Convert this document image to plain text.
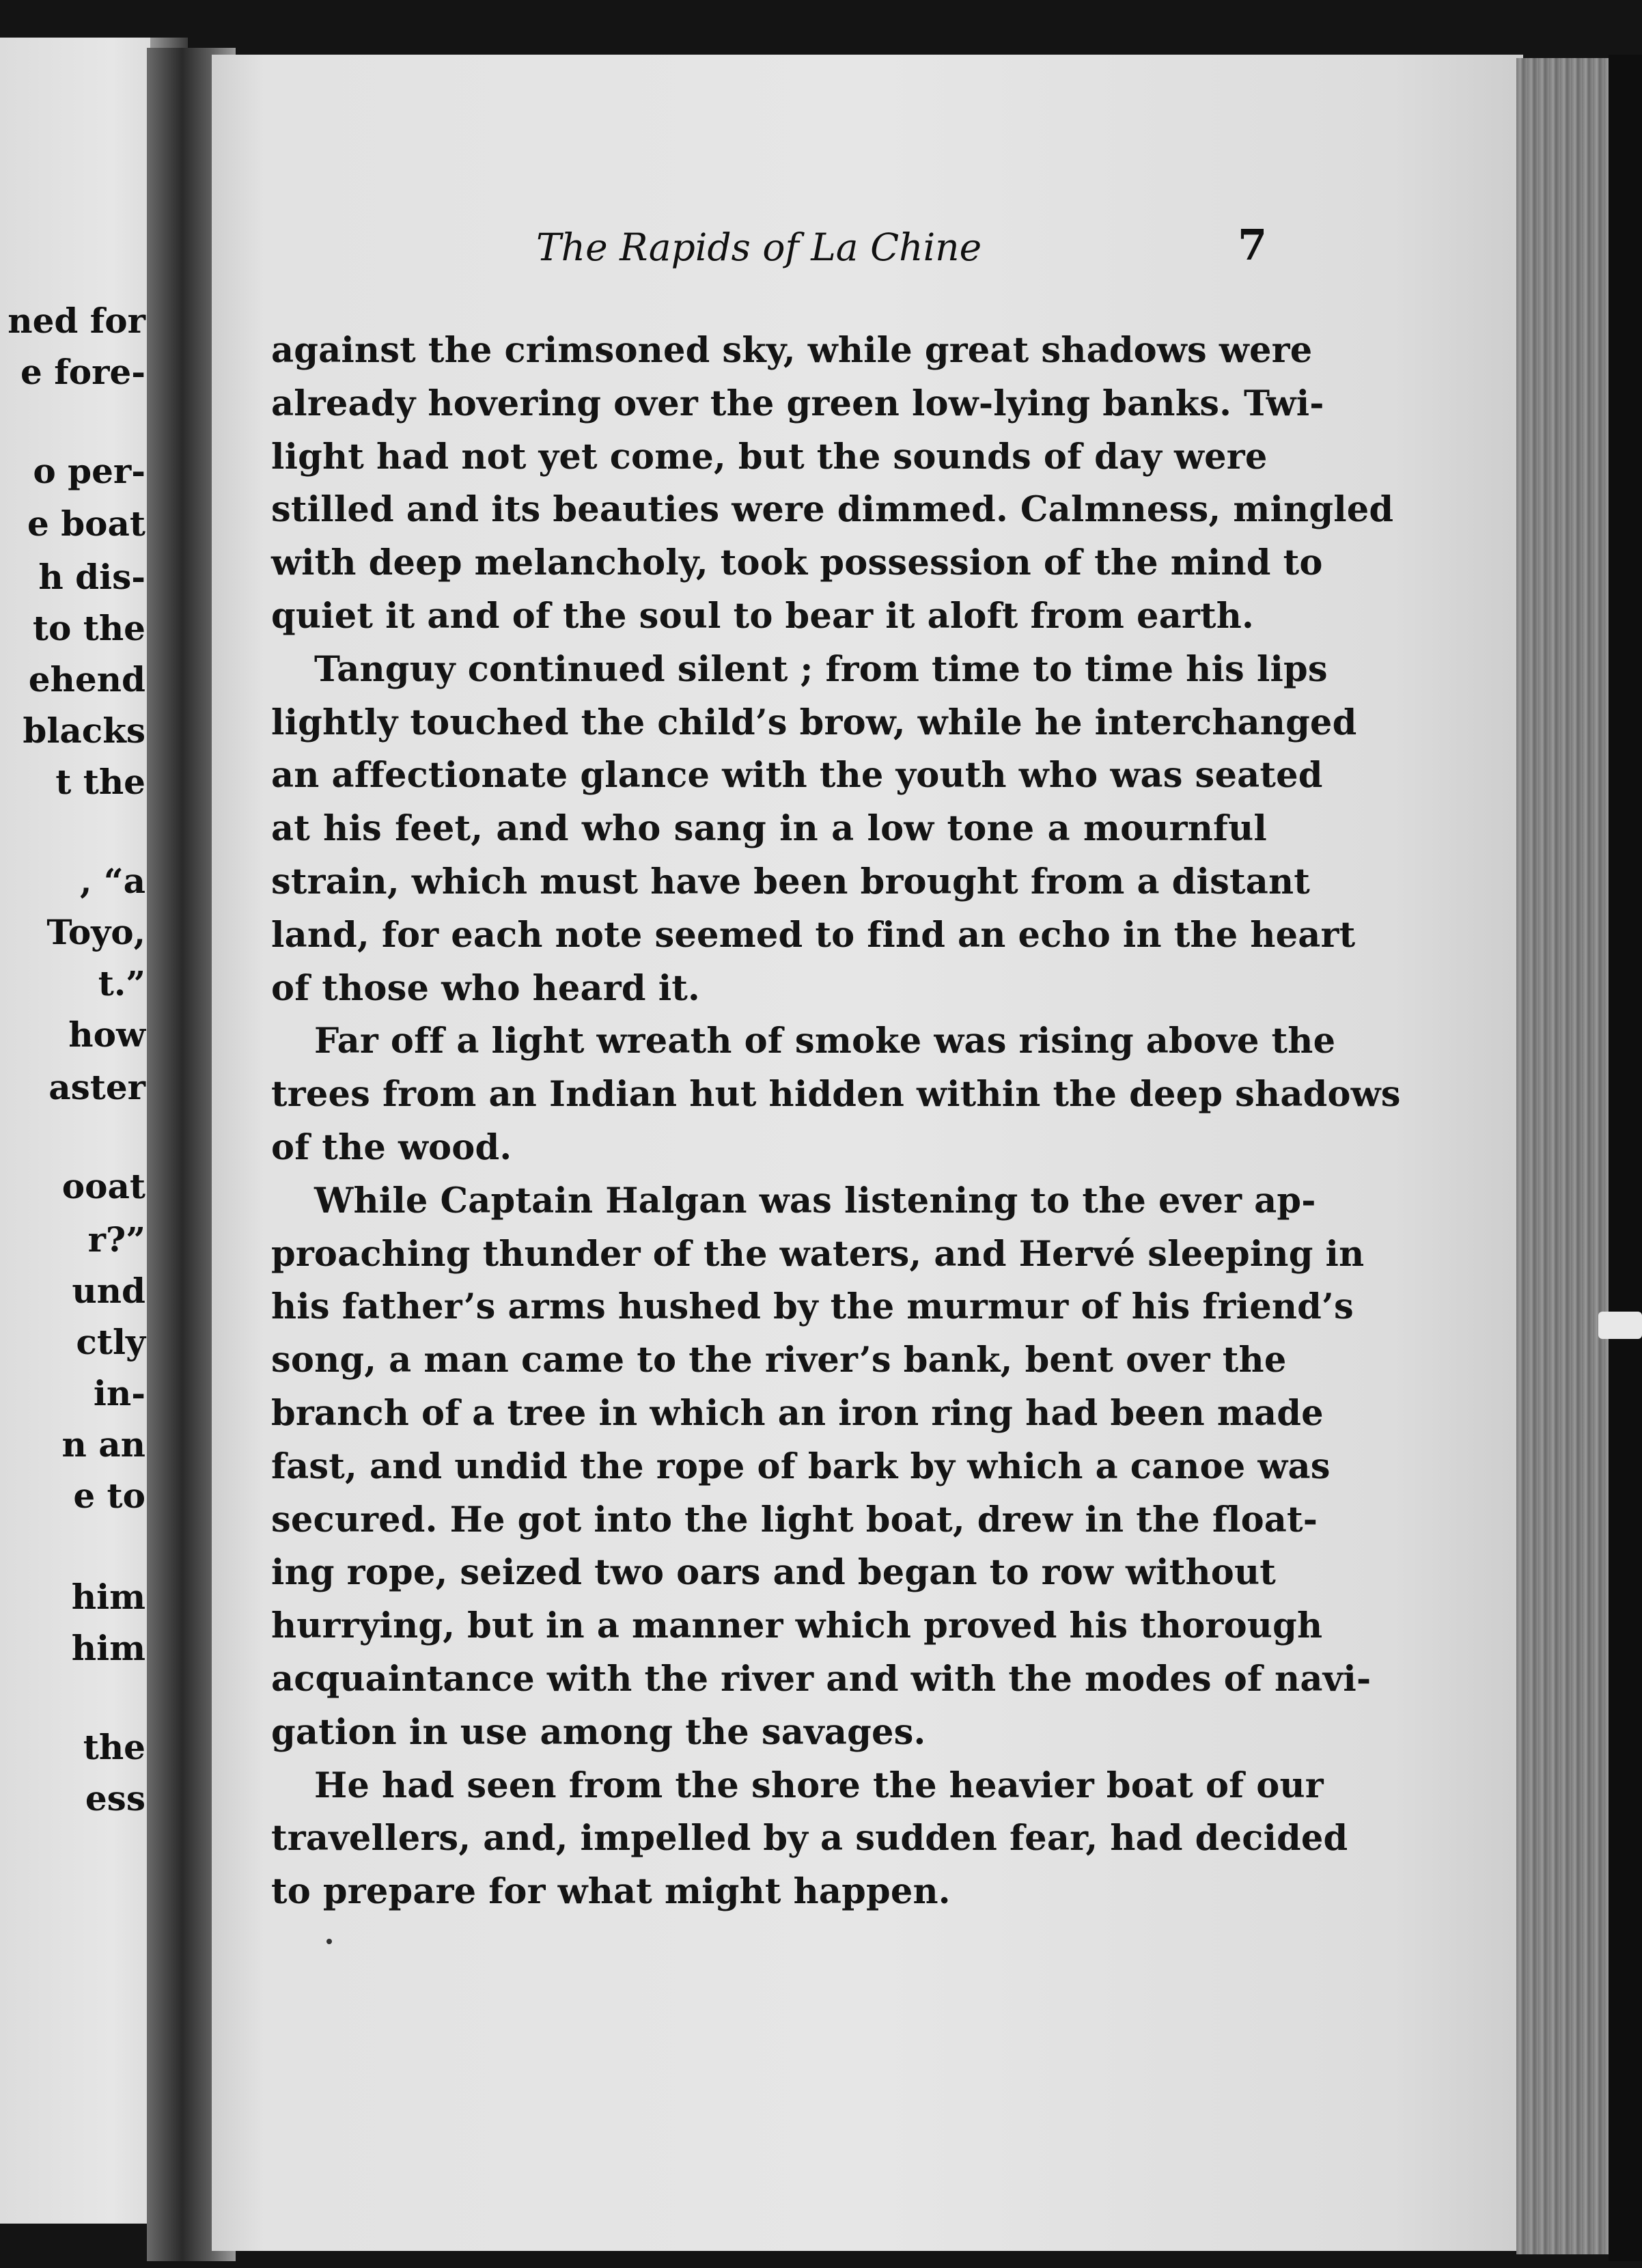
ned for
e fore-
o per-
e boat
h dis-
to the
ehend
blacks
t the
, “a
Toyo,
t.”
how
aster
ooat
r?”
und
ctly
in-
n an
e to
him
him
the
ess
The Rapids of La Chine	7

against the crimsoned sky, while great shadows were
already hovering over the green low-lying banks. Twi-
light had not yet come, but the sounds of day were
stilled and its beauties were dimmed. Calmness, mingled
with deep melancholy, took possession of the mind to
quiet it and of the soul to bear it aloft from earth.

Tanguy continued silent ; from time to time his lips
lightly touched the child’s brow, while he interchanged
an affectionate glance with the youth who was seated
at his feet, and who sang in a low tone a mournful
strain, which must have been brought from a distant
land, for each note seemed to find an echo in the heart
of those who heard it.

Far off a light wreath of smoke was rising above the
trees from an Indian hut hidden within the deep shadows
of the wood.

While Captain Halgan was listening to the ever ap-
proaching thunder of the waters, and Hervé sleeping in
his father’s arms hushed by the murmur of his friend’s
song, a man came to the river’s bank, bent over the
branch of a tree in which an iron ring had been made
fast, and undid the rope of bark by which a canoe was
secured. He got into the light boat, drew in the float-
ing rope, seized two oars and began to row without
hurrying, but in a manner which proved his thorough
acquaintance with the river and with the modes of navi-
gation in use among the savages.

He had seen from the shore the heavier boat of our
travellers, and, impelled by a sudden fear, had decided
to prepare for what might happen.
